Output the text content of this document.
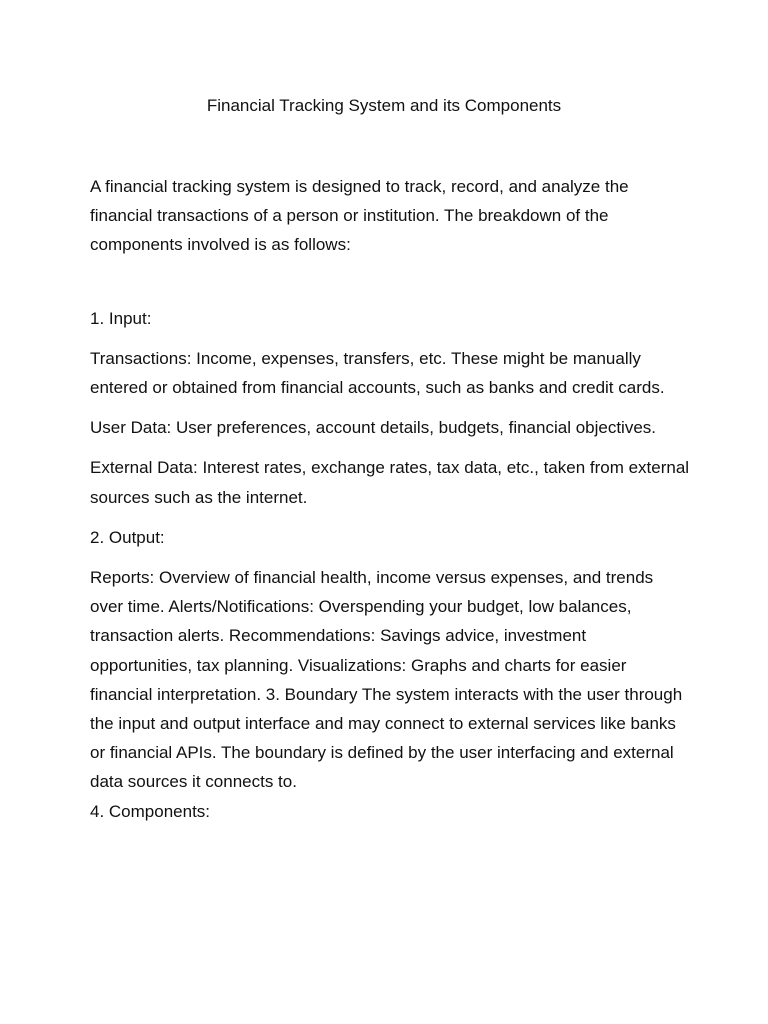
Financial Tracking System and its Components

A financial tracking system is designed to track, record, and analyze the financial transactions of a person or institution. The breakdown of the components involved is as follows:

1. Input:

Transactions: Income, expenses, transfers, etc. These might be manually entered or obtained from financial accounts, such as banks and credit cards.

User Data: User preferences, account details, budgets, financial objectives.

External Data: Interest rates, exchange rates, tax data, etc., taken from external sources such as the internet.

2. Output:

Reports: Overview of financial health, income versus expenses, and trends over time. Alerts/Notifications: Overspending your budget, low balances, transaction alerts. Recommendations: Savings advice, investment opportunities, tax planning. Visualizations: Graphs and charts for easier financial interpretation. 3. Boundary The system interacts with the user through the input and output interface and may connect to external services like banks or financial APIs. The boundary is defined by the user interfacing and external data sources it connects to.

4. Components:
